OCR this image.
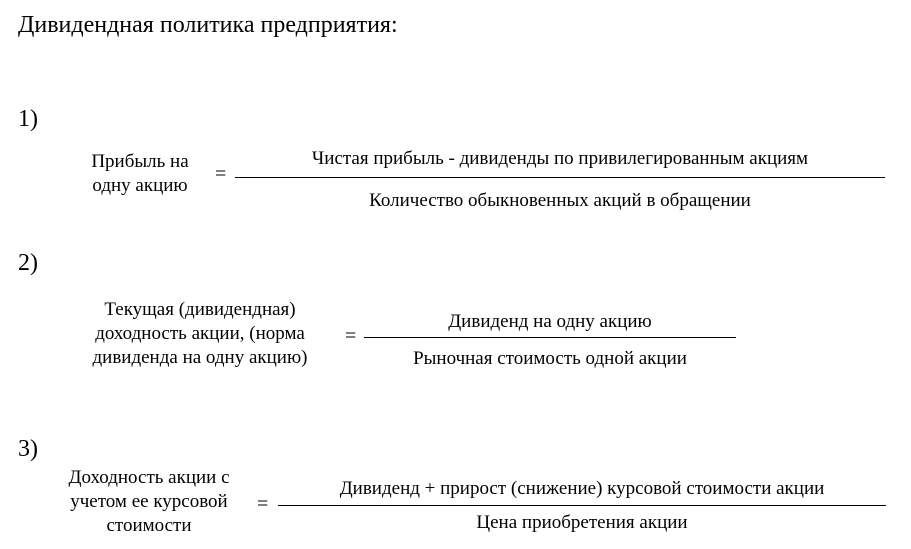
Дивидендная политика предприятия:
1)
Прибыль на
одну акцию
=
Чистая прибыль - дивиденды по привилегированным акциям
Количество обыкновенных акций в обращении
2)
Текущая (дивидендная)
доходность акции, (норма
дивиденда на одну акцию)
=
Дивиденд на одну акцию
Рыночная стоимость одной акции
3)
Доходность акции с
учетом ее курсовой
стоимости
=
Дивиденд + прирост (снижение) курсовой стоимости акции
Цена приобретения акции
